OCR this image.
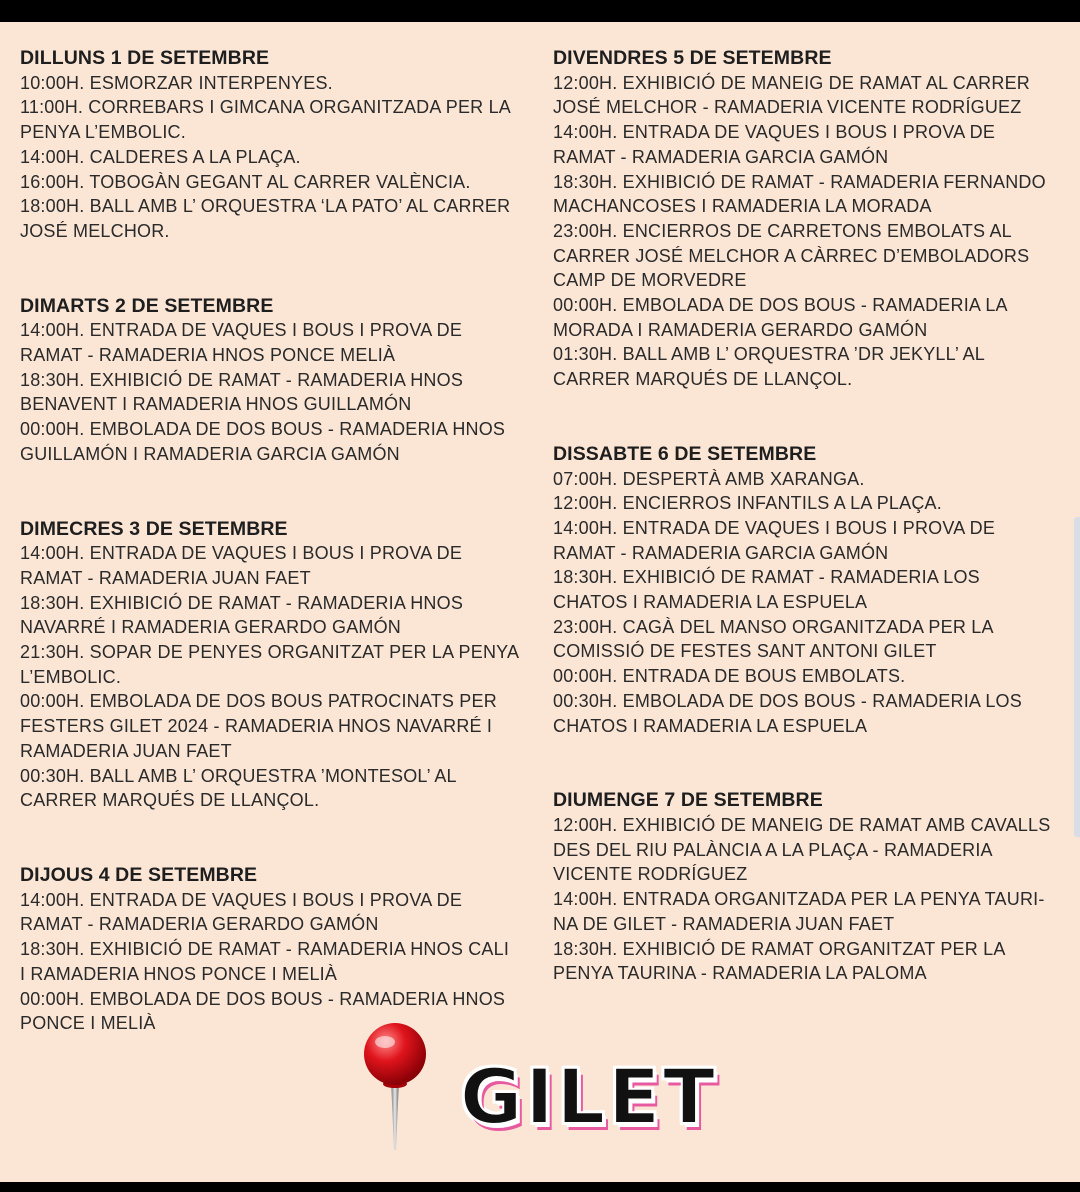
DILLUNS 1 DE SETEMBRE
10:00H. ESMORZAR INTERPENYES.
11:00H. CORREBARS I GIMCANA ORGANITZADA PER LA
PENYA L’EMBOLIC.
14:00H. CALDERES A LA PLAÇA.
16:00H. TOBOGÀN GEGANT AL CARRER VALÈNCIA.
18:00H. BALL AMB L’ ORQUESTRA ‘LA PATO’ AL CARRER
JOSÉ MELCHOR.
DIMARTS 2 DE SETEMBRE
14:00H. ENTRADA DE VAQUES I BOUS I PROVA DE
RAMAT - RAMADERIA HNOS PONCE MELIÀ
18:30H. EXHIBICIÓ DE RAMAT - RAMADERIA HNOS
BENAVENT I RAMADERIA HNOS GUILLAMÓN
00:00H. EMBOLADA DE DOS BOUS - RAMADERIA HNOS
GUILLAMÓN I RAMADERIA GARCIA GAMÓN
DIMECRES 3 DE SETEMBRE
14:00H. ENTRADA DE VAQUES I BOUS I PROVA DE
RAMAT - RAMADERIA JUAN FAET
18:30H. EXHIBICIÓ DE RAMAT - RAMADERIA HNOS
NAVARRÉ I RAMADERIA GERARDO GAMÓN
21:30H. SOPAR DE PENYES ORGANITZAT PER LA PENYA
L’EMBOLIC.
00:00H. EMBOLADA DE DOS BOUS PATROCINATS PER
FESTERS GILET 2024 - RAMADERIA HNOS NAVARRÉ I
RAMADERIA JUAN FAET
00:30H. BALL AMB L’ ORQUESTRA ’MONTESOL’ AL
CARRER MARQUÉS DE LLANÇOL.
DIJOUS 4 DE SETEMBRE
14:00H. ENTRADA DE VAQUES I BOUS I PROVA DE
RAMAT - RAMADERIA GERARDO GAMÓN
18:30H. EXHIBICIÓ DE RAMAT - RAMADERIA HNOS CALI
I RAMADERIA HNOS PONCE I MELIÀ
00:00H. EMBOLADA DE DOS BOUS - RAMADERIA HNOS
PONCE I MELIÀ
DIVENDRES 5 DE SETEMBRE
12:00H. EXHIBICIÓ DE MANEIG DE RAMAT AL CARRER
JOSÉ MELCHOR - RAMADERIA VICENTE RODRÍGUEZ
14:00H. ENTRADA DE VAQUES I BOUS I PROVA DE
RAMAT - RAMADERIA GARCIA GAMÓN
18:30H. EXHIBICIÓ DE RAMAT - RAMADERIA FERNANDO
MACHANCOSES I RAMADERIA LA MORADA
23:00H. ENCIERROS DE CARRETONS EMBOLATS AL
CARRER JOSÉ MELCHOR A CÀRREC D’EMBOLADORS
CAMP DE MORVEDRE
00:00H. EMBOLADA DE DOS BOUS - RAMADERIA LA
MORADA I RAMADERIA GERARDO GAMÓN
01:30H. BALL AMB L’ ORQUESTRA ’DR JEKYLL’ AL
CARRER MARQUÉS DE LLANÇOL.
DISSABTE 6 DE SETEMBRE
07:00H. DESPERTÀ AMB XARANGA.
12:00H. ENCIERROS INFANTILS A LA PLAÇA.
14:00H. ENTRADA DE VAQUES I BOUS I PROVA DE
RAMAT - RAMADERIA GARCIA GAMÓN
18:30H. EXHIBICIÓ DE RAMAT - RAMADERIA LOS
CHATOS I RAMADERIA LA ESPUELA
23:00H. CAGÀ DEL MANSO ORGANITZADA PER LA
COMISSIÓ DE FESTES SANT ANTONI GILET
00:00H. ENTRADA DE BOUS EMBOLATS.
00:30H. EMBOLADA DE DOS BOUS - RAMADERIA LOS
CHATOS I RAMADERIA LA ESPUELA
DIUMENGE 7 DE SETEMBRE
12:00H. EXHIBICIÓ DE MANEIG DE RAMAT AMB CAVALLS
DES DEL RIU PALÀNCIA A LA PLAÇA - RAMADERIA
VICENTE RODRÍGUEZ
14:00H. ENTRADA ORGANITZADA PER LA PENYA TAURI-
NA DE GILET - RAMADERIA JUAN FAET
18:30H. EXHIBICIÓ DE RAMAT ORGANITZAT PER LA
PENYA TAURINA - RAMADERIA LA PALOMA
GILET
